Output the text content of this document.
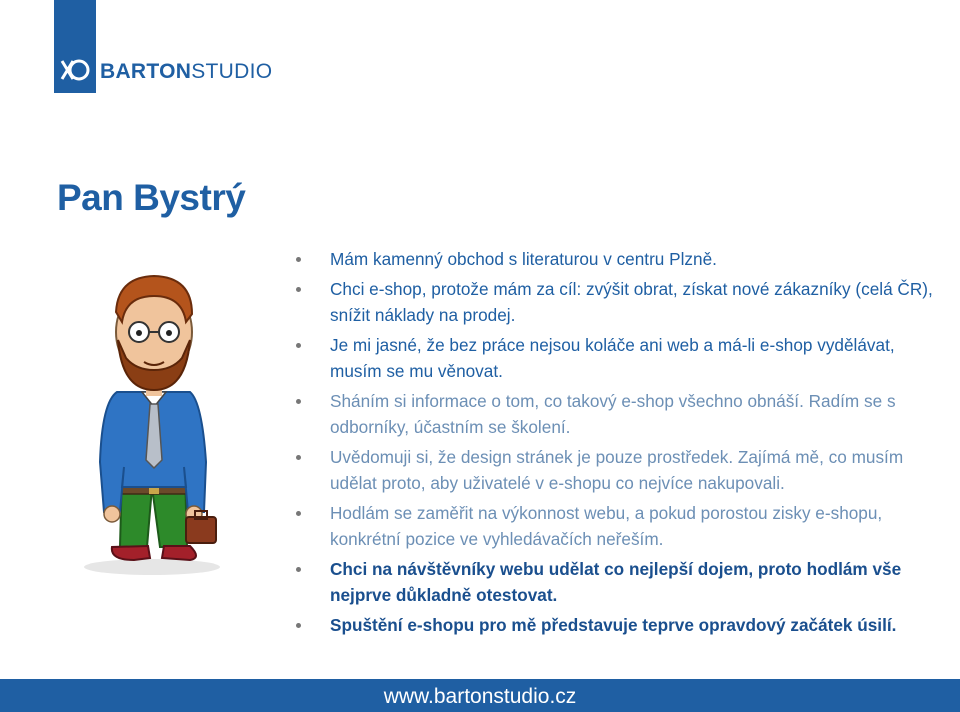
BARTONSTUDIO
Pan Bystrý
Mám kamenný obchod s literaturou v centru Plzně.
Chci e-shop, protože mám za cíl: zvýšit obrat, získat nové zákazníky (celá ČR), snížit náklady na prodej.
Je mi jasné, že bez práce nejsou koláče ani web a má-li e-shop vydělávat, musím se mu věnovat.
Sháním si informace o tom, co takový e-shop všechno obnáší. Radím se s odborníky, účastním se školení.
Uvědomuji si, že design stránek je pouze prostředek. Zajímá mě, co musím udělat proto, aby uživatelé v e-shopu co nejvíce nakupovali.
Hodlám se zaměřit na výkonnost webu, a pokud porostou zisky e-shopu, konkrétní pozice ve vyhledávačích neřeším.
Chci na návštěvníky webu udělat co nejlepší dojem, proto hodlám vše nejprve důkladně otestovat.
Spuštění e-shopu pro mě představuje teprve opravdový začátek úsilí.
www.bartonstudio.cz
